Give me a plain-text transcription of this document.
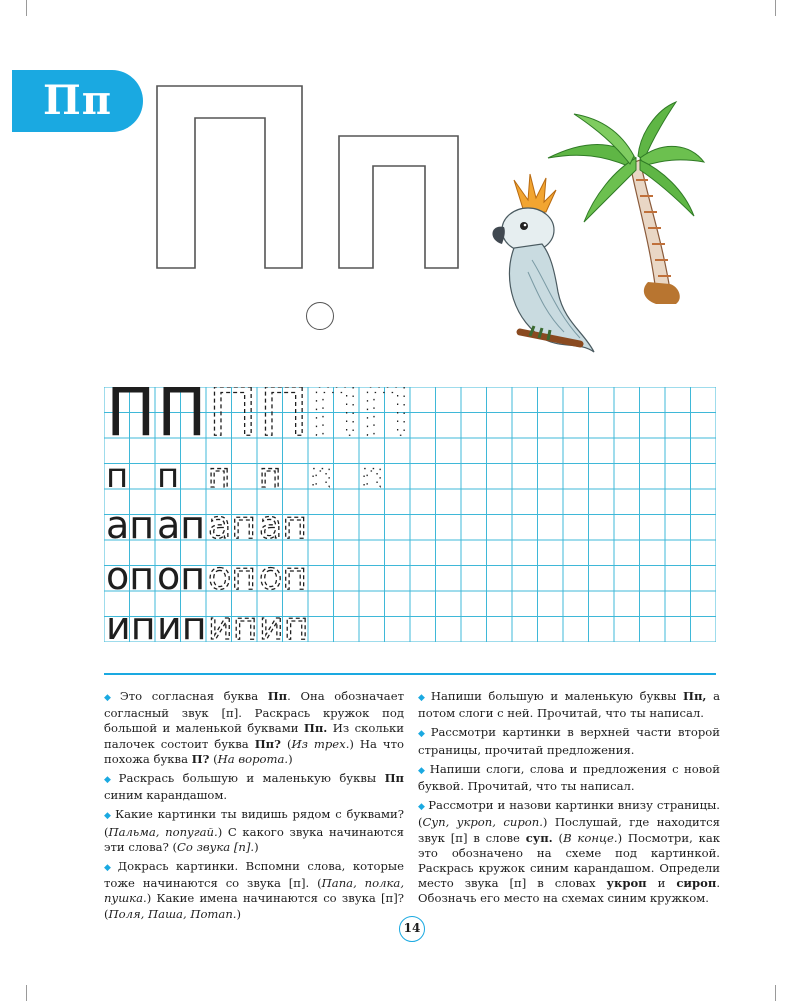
Пп
П П П П П П
п п п п п п
ап ап ап ап
оп оп оп оп
ип ип ип ип

◆ Это согласная буква Пп. Она обозначает согласный звук [п]. Раскрась кружок под большой и маленькой буквами Пп. Из скольки палочек состоит буква Пп? (Из трех.) На что похожа буква П? (На ворота.)

◆ Раскрась большую и маленькую буквы Пп синим карандашом.

◆ Какие картинки ты видишь рядом с буквами? (Пальма, попугай.) С какого звука начинаются эти слова? (Со звука [п].)

◆ Докрась картинки. Вспомни слова, которые тоже начинаются со звука [п]. (Папа, полка, пушка.) Какие имена начинаются со звука [п]? (Поля, Паша, Потап.)

◆ Напиши большую и маленькую буквы Пп, а потом слоги с ней. Прочитай, что ты написал.

◆ Рассмотри картинки в верхней части второй страницы, прочитай предложения.

◆ Напиши слоги, слова и предложения с новой буквой. Прочитай, что ты написал.

◆ Рассмотри и назови картинки внизу страницы. (Суп, укроп, сироп.) Послушай, где находится звук [п] в слове суп. (В конце.) Посмотри, как это обозначено на схеме под картинкой. Раскрась кружок синим карандашом. Определи место звука [п] в словах укроп и сироп. Обозначь его место на схемах синим кружком.

14
